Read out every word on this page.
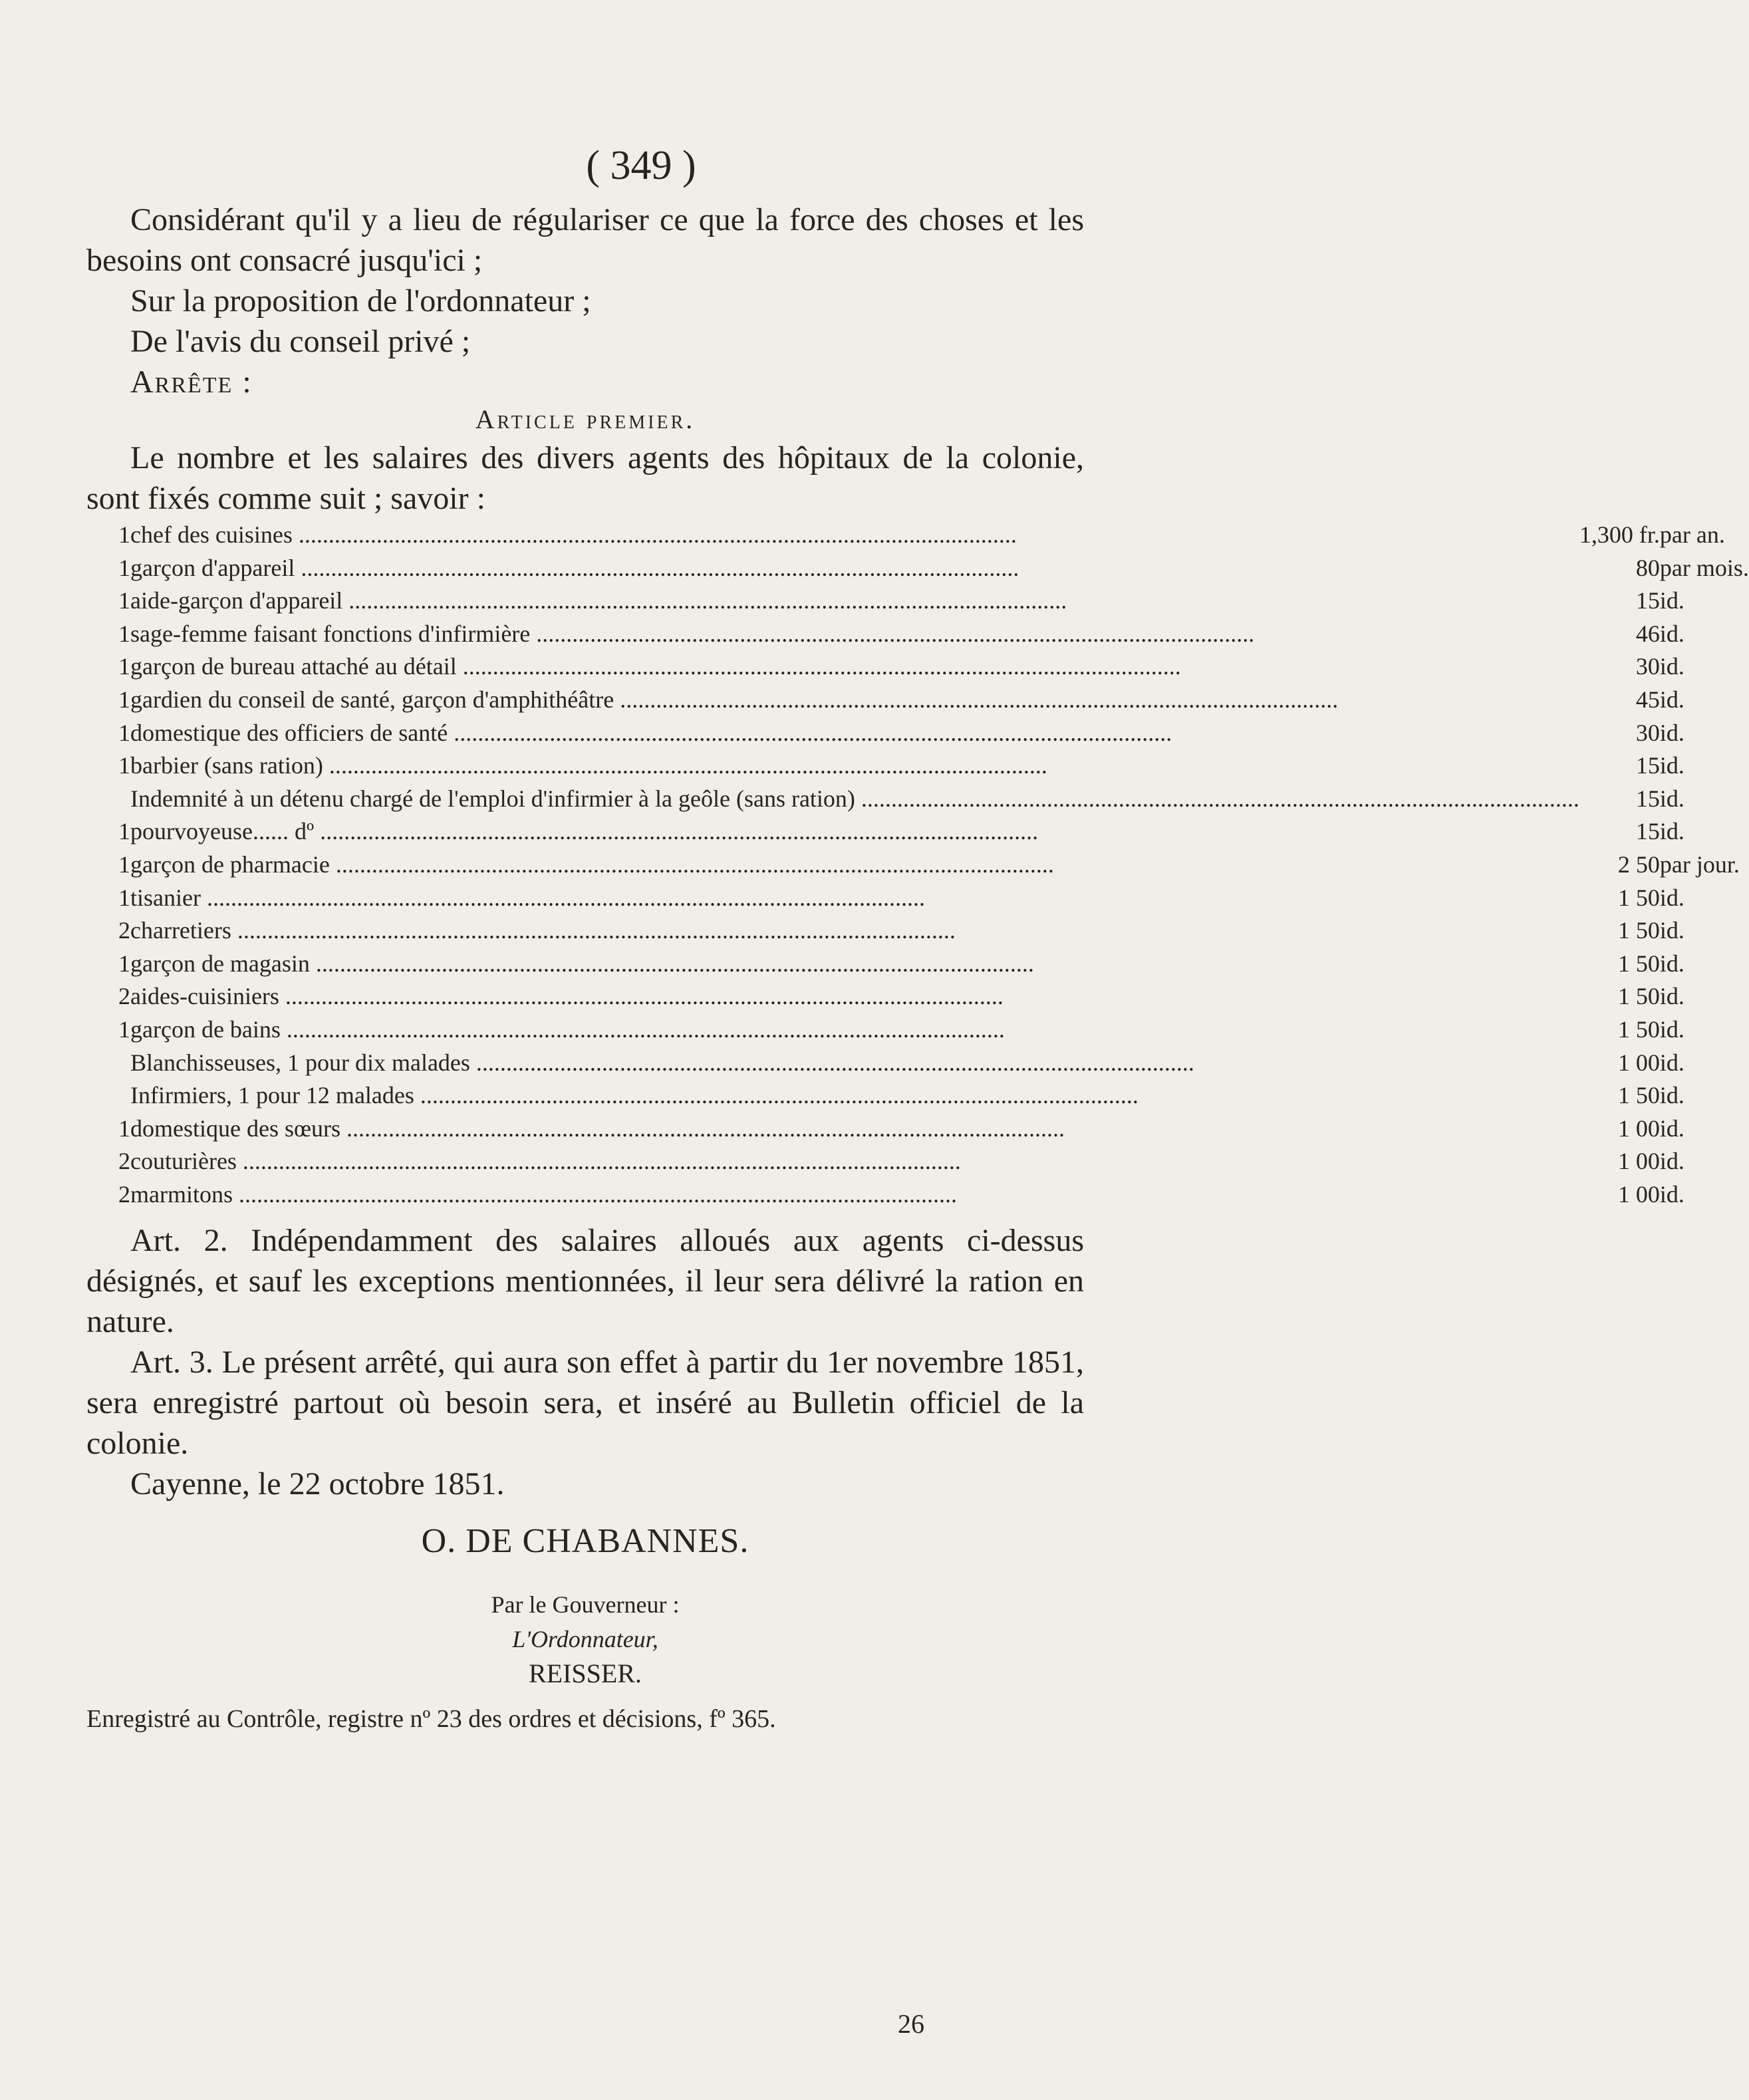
( 349 )

Considérant qu'il y a lieu de régulariser ce que la force des choses et les besoins ont consacré jusqu'ici ;

Sur la proposition de l'ordonnateur ;

De l'avis du conseil privé ;

Arrête :

Article premier.

Le nombre et les salaires des divers agents des hôpitaux de la colonie, sont fixés comme suit ; savoir :

1	chef des cuisines ........................................................................................................................	1,300 fr.	par an.
1	garçon d'appareil ........................................................................................................................	80	par mois.
1	aide-garçon d'appareil ........................................................................................................................	15	id.
1	sage-femme faisant fonctions d'infirmière ........................................................................................................................	46	id.
1	garçon de bureau attaché au détail ........................................................................................................................	30	id.
1	gardien du conseil de santé, garçon d'amphithéâtre ........................................................................................................................	45	id.
1	domestique des officiers de santé ........................................................................................................................	30	id.
1	barbier (sans ration) ........................................................................................................................	15	id.

	Indemnité à un détenu chargé de l'emploi d'infirmier à la geôle (sans ration) ........................................................................................................................	15	id.
1	pourvoyeuse...... dº ........................................................................................................................	15	id.
1	garçon de pharmacie ........................................................................................................................	2 50	par jour.
1	tisanier ........................................................................................................................	1 50	id.
2	charretiers ........................................................................................................................	1 50	id.
1	garçon de magasin ........................................................................................................................	1 50	id.
2	aides-cuisiniers ........................................................................................................................	1 50	id.
1	garçon de bains ........................................................................................................................	1 50	id.

	Blanchisseuses, 1 pour dix malades ........................................................................................................................	1 00	id.

	Infirmiers, 1 pour 12 malades ........................................................................................................................	1 50	id.
1	domestique des sœurs ........................................................................................................................	1 00	id.
2	couturières ........................................................................................................................	1 00	id.
2	marmitons ........................................................................................................................	1 00	id.

Art. 2. Indépendamment des salaires alloués aux agents ci-dessus désignés, et sauf les exceptions mentionnées, il leur sera délivré la ration en nature.

Art. 3. Le présent arrêté, qui aura son effet à partir du 1er novembre 1851, sera enregistré partout où besoin sera, et inséré au Bulletin officiel de la colonie.

Cayenne, le 22 octobre 1851.

O. DE CHABANNES.
Par le Gouverneur :
L'Ordonnateur,
REISSER.
Enregistré au Contrôle, registre nº 23 des ordres et décisions, fº 365.
26
